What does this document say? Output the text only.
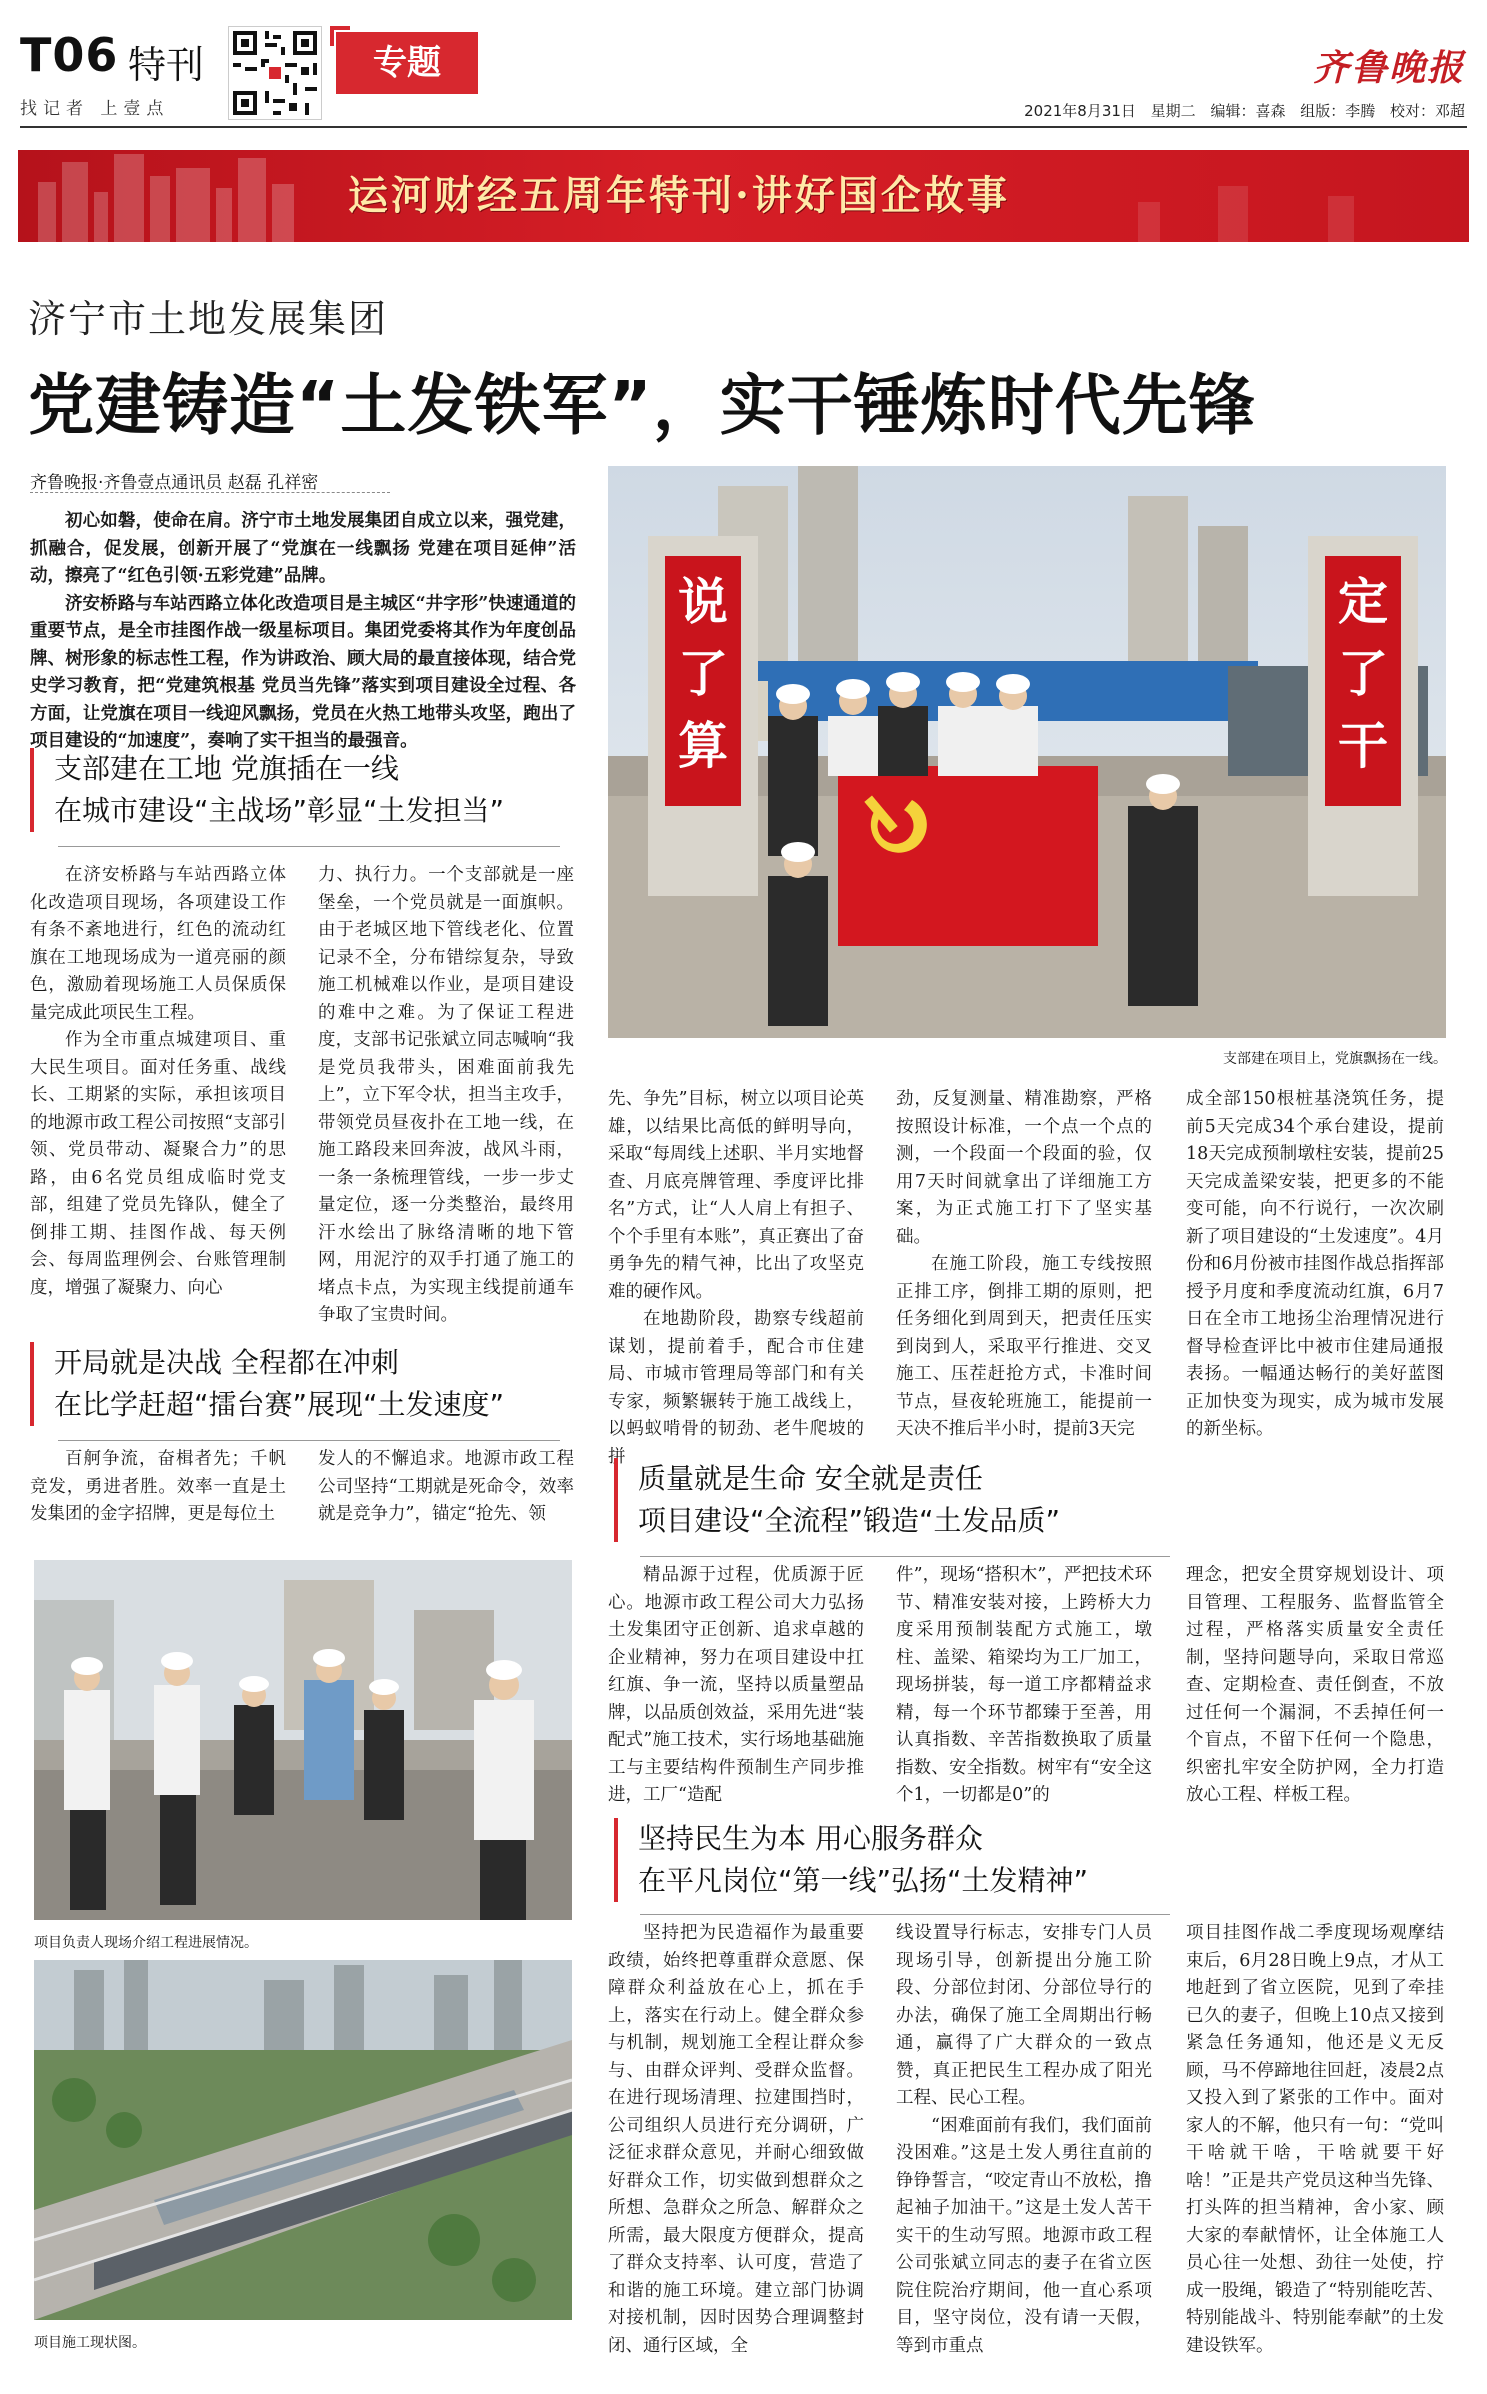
T06 特刊
找记者 上壹点
专题	齐鲁晚报
2021年8月31日 星期二 编辑：喜森 组版：李腾 校对：邓超
运河财经五周年特刊·讲好国企故事
济宁市土地发展集团
党建铸造“土发铁军”，实干锤炼时代先锋
齐鲁晚报·齐鲁壹点通讯员 赵磊 孔祥密

初心如磐，使命在肩。济宁市土地发展集团自成立以来，强党建，抓融合，促发展，创新开展了“党旗在一线飘扬 党建在项目延伸”活动，擦亮了“红色引领·五彩党建”品牌。

济安桥路与车站西路立体化改造项目是主城区“井字形”快速通道的重要节点，是全市挂图作战一级星标项目。集团党委将其作为年度创品牌、树形象的标志性工程，作为讲政治、顾大局的最直接体现，结合党史学习教育，把“党建筑根基 党员当先锋”落实到项目建设全过程、各方面，让党旗在项目一线迎风飘扬，党员在火热工地带头攻坚，跑出了项目建设的“加速度”，奏响了实干担当的最强音。

说了算
定了干
支部建在项目上，党旗飘扬在一线。
支部建在工地 党旗插在一线
在城市建设“主战场”彰显“土发担当”

在济安桥路与车站西路立体化改造项目现场，各项建设工作有条不紊地进行，红色的流动红旗在工地现场成为一道亮丽的颜色，激励着现场施工人员保质保量完成此项民生工程。

作为全市重点城建项目、重大民生项目。面对任务重、战线长、工期紧的实际，承担该项目的地源市政工程公司按照“支部引领、党员带动、凝聚合力”的思路，由6名党员组成临时党支部，组建了党员先锋队，健全了倒排工期、挂图作战、每天例会、每周监理例会、台账管理制度，增强了凝聚力、向心

力、执行力。一个支部就是一座堡垒，一个党员就是一面旗帜。由于老城区地下管线老化、位置记录不全，分布错综复杂，导致施工机械难以作业，是项目建设的难中之难。为了保证工程进度，支部书记张斌立同志喊响“我是党员我带头，困难面前我先上”，立下军令状，担当主攻手，带领党员昼夜扑在工地一线，在施工路段来回奔波，战风斗雨，一条一条梳理管线，一步一步丈量定位，逐一分类整治，最终用汗水绘出了脉络清晰的地下管网，用泥泞的双手打通了施工的堵点卡点，为实现主线提前通车争取了宝贵时间。
开局就是决战 全程都在冲刺
在比学赶超“擂台赛”展现“土发速度”

百舸争流，奋楫者先；千帆竞发，勇进者胜。效率一直是土发集团的金字招牌，更是每位土

发人的不懈追求。地源市政工程公司坚持“工期就是死命令，效率就是竞争力”，锚定“抢先、领
先、争先”目标，树立以项目论英雄，以结果比高低的鲜明导向，采取“每周线上述职、半月实地督查、月底亮牌管理、季度评比排名”方式，让“人人肩上有担子、个个手里有本账”，真正赛出了奋勇争先的精气神，比出了攻坚克难的硬作风。

在地勘阶段，勘察专线超前谋划，提前着手，配合市住建局、市城市管理局等部门和有关专家，频繁辗转于施工战线上，以蚂蚁啃骨的韧劲、老牛爬坡的拼

劲，反复测量、精准勘察，严格按照设计标准，一个点一个点的测，一个段面一个段面的验，仅用7天时间就拿出了详细施工方案，为正式施工打下了坚实基础。

在施工阶段，施工专线按照正排工序，倒排工期的原则，把任务细化到周到天，把责任压实到岗到人，采取平行推进、交叉施工、压茬赶抢方式，卡准时间节点，昼夜轮班施工，能提前一天决不推后半小时，提前3天完

成全部150根桩基浇筑任务，提前5天完成34个承台建设，提前18天完成预制墩柱安装，提前25天完成盖梁安装，把更多的不能变可能，向不行说行，一次次刷新了项目建设的“土发速度”。4月份和6月份被市挂图作战总指挥部授予月度和季度流动红旗，6月7日在全市工地扬尘治理情况进行督导检查评比中被市住建局通报表扬。一幅通达畅行的美好蓝图正加快变为现实，成为城市发展的新坐标。
项目负责人现场介绍工程进展情况。
项目施工现状图。
质量就是生命 安全就是责任
项目建设“全流程”锻造“土发品质”

精品源于过程，优质源于匠心。地源市政工程公司大力弘扬土发集团守正创新、追求卓越的企业精神，努力在项目建设中扛红旗、争一流，坚持以质量塑品牌，以品质创效益，采用先进“装配式”施工技术，实行场地基础施工与主要结构件预制生产同步推进，工厂“造配

件”，现场“搭积木”，严把技术环节、精准安装对接，上跨桥大力度采用预制装配方式施工，墩柱、盖梁、箱梁均为工厂加工，现场拼装，每一道工序都精益求精，每一个环节都臻于至善，用认真指数、辛苦指数换取了质量指数、安全指数。树牢有“安全这个1，一切都是0”的
理念，把安全贯穿规划设计、项目管理、工程服务、监督监管全过程，严格落实质量安全责任制，坚持问题导向，采取日常巡查、定期检查、责任倒查，不放过任何一个漏洞，不丢掉任何一个盲点，不留下任何一个隐患，织密扎牢安全防护网，全力打造放心工程、样板工程。
坚持民生为本 用心服务群众
在平凡岗位“第一线”弘扬“土发精神”

坚持把为民造福作为最重要政绩，始终把尊重群众意愿、保障群众利益放在心上，抓在手上，落实在行动上。健全群众参与机制，规划施工全程让群众参与、由群众评判、受群众监督。在进行现场清理、拉建围挡时，公司组织人员进行充分调研，广泛征求群众意见，并耐心细致做好群众工作，切实做到想群众之所想、急群众之所急、解群众之所需，最大限度方便群众，提高了群众支持率、认可度，营造了和谐的施工环境。建立部门协调对接机制，因时因势合理调整封闭、通行区域，全

线设置导行标志，安排专门人员现场引导，创新提出分施工阶段、分部位封闭、分部位导行的办法，确保了施工全周期出行畅通，赢得了广大群众的一致点赞，真正把民生工程办成了阳光工程、民心工程。

“困难面前有我们，我们面前没困难。”这是土发人勇往直前的铮铮誓言，“咬定青山不放松，撸起袖子加油干。”这是土发人苦干实干的生动写照。地源市政工程公司张斌立同志的妻子在省立医院住院治疗期间，他一直心系项目，坚守岗位，没有请一天假，等到市重点

项目挂图作战二季度现场观摩结束后，6月28日晚上9点，才从工地赶到了省立医院，见到了牵挂已久的妻子，但晚上10点又接到紧急任务通知，他还是义无反顾，马不停蹄地往回赶，凌晨2点又投入到了紧张的工作中。面对家人的不解，他只有一句：“党叫干啥就干啥，干啥就要干好啥！”正是共产党员这种当先锋、打头阵的担当精神，舍小家、顾大家的奉献情怀，让全体施工人员心往一处想、劲往一处使，拧成一股绳，锻造了“特别能吃苦、特别能战斗、特别能奉献”的土发建设铁军。
